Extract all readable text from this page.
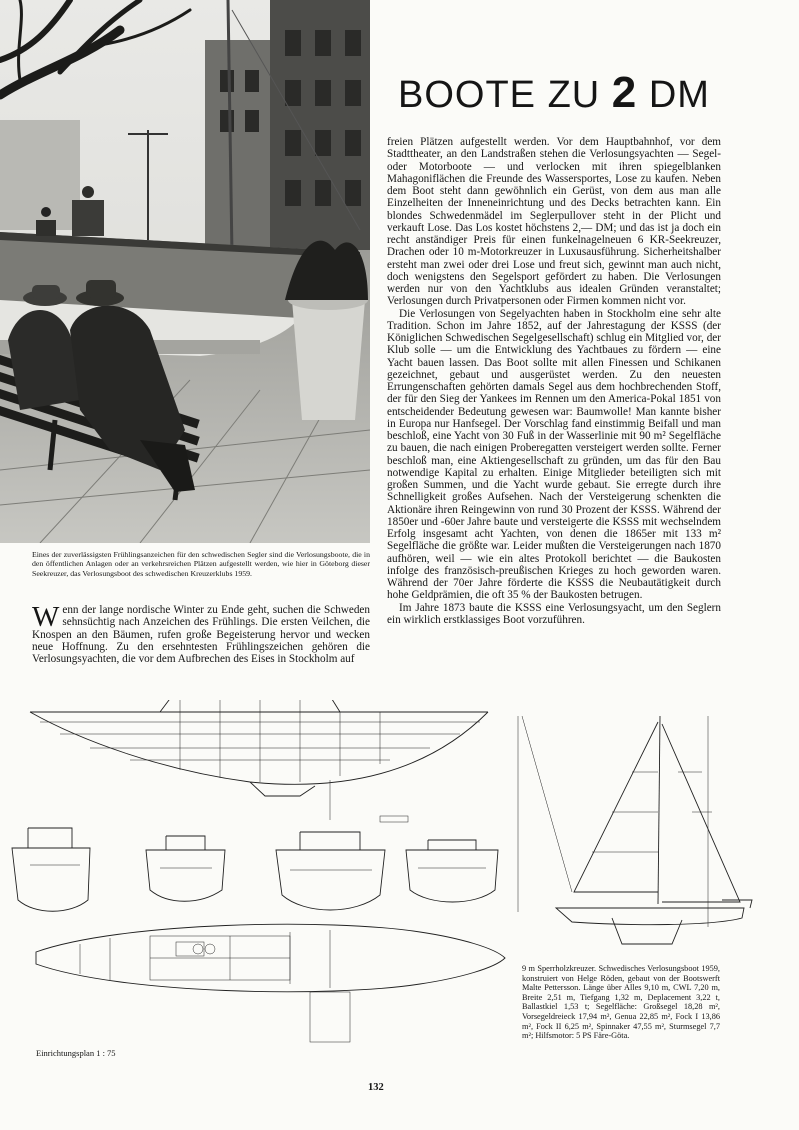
Eines der zuverlässigsten Frühlingsanzeichen für den schwedischen Segler sind die Verlosungsboote, die in den öffentlichen Anlagen oder an verkehrsreichen Plätzen aufgestellt werden, wie hier in Göteborg dieser Seekreuzer, das Verlosungsboot des schwedischen Kreuzerklubs 1959.
BOOTE ZU 2 DM

Wenn der lange nordische Winter zu Ende geht, suchen die Schweden sehnsüchtig nach Anzeichen des Frühlings. Die ersten Veilchen, die Knospen an den Bäumen, rufen große Begeisterung hervor und wecken neue Hoffnung. Zu den ersehntesten Frühlingszeichen gehören die Verlosungsyachten, die vor dem Aufbrechen des Eises in Stockholm auf

freien Plätzen aufgestellt werden. Vor dem Hauptbahnhof, vor dem Stadttheater, an den Landstraßen stehen die Verlosungsyachten — Segel- oder Motorboote — und verlocken mit ihren spiegelblanken Mahagoniflächen die Freunde des Wassersportes, Lose zu kaufen. Neben dem Boot steht dann gewöhnlich ein Gerüst, von dem aus man alle Einzelheiten der Inneneinrichtung und des Decks betrachten kann. Ein blondes Schwedenmädel im Seglerpullover steht in der Plicht und verkauft Lose. Das Los kostet höchstens 2,— DM; und das ist ja doch ein recht anständiger Preis für einen funkelnagelneuen 6 KR-Seekreuzer, Drachen oder 10 m-Motorkreuzer in Luxusausführung. Sicherheitshalber ersteht man zwei oder drei Lose und freut sich, gewinnt man auch nicht, doch wenigstens den Segelsport gefördert zu haben. Die Verlosungen werden nur von den Yachtklubs aus idealen Gründen veranstaltet; Verlosungen durch Privatpersonen oder Firmen kommen nicht vor.

Die Verlosungen von Segelyachten haben in Stockholm eine sehr alte Tradition. Schon im Jahre 1852, auf der Jahrestagung der KSSS (der Königlichen Schwedischen Segelgesellschaft) schlug ein Mitglied vor, der Klub solle — um die Entwicklung des Yachtbaues zu fördern — eine Yacht bauen lassen. Das Boot sollte mit allen Finessen und Schikanen gezeichnet, gebaut und ausgerüstet werden. Zu den neuesten Errungenschaften gehörten damals Segel aus dem hochbrechenden Stoff, der für den Sieg der Yankees im Rennen um den America-Pokal 1851 von entscheidender Bedeutung gewesen war: Baumwolle! Man kannte bisher in Europa nur Hanfsegel. Der Vorschlag fand einstimmig Beifall und man beschloß, eine Yacht von 30 Fuß in der Wasserlinie mit 90 m² Segelfläche zu bauen, die nach einigen Proberegatten versteigert werden sollte. Ferner beschloß man, eine Aktiengesellschaft zu gründen, um das für den Bau notwendige Kapital zu erhalten. Einige Mitglieder beteiligten sich mit großen Summen, und die Yacht wurde gebaut. Sie erregte durch ihre Schnelligkeit großes Aufsehen. Nach der Versteigerung schenkten die Aktionäre ihren Reingewinn von rund 30 Prozent der KSSS. Während der 1850er und -60er Jahre baute und versteigerte die KSSS mit wechselndem Erfolg insgesamt acht Yachten, von denen die 1865er mit 133 m² Segelfläche die größte war. Leider mußten die Versteigerungen nach 1870 aufhören, weil — wie ein altes Protokoll berichtet — die Baukosten infolge des französisch-preußischen Krieges zu hoch geworden waren. Während der 70er Jahre förderte die KSSS die Neubautätigkeit durch hohe Geldprämien, die oft 35 % der Baukosten betrugen.

Im Jahre 1873 baute die KSSS eine Verlosungsyacht, um den Seglern ein wirklich erstklassiges Boot vorzuführen.

Einrichtungsplan 1 : 75
9 m Sperrholzkreuzer. Schwedisches Verlosungsboot 1959, konstruiert von Helge Röden, gebaut von der Bootswerft Malte Pettersson. Länge über Alles 9,10 m, CWL 7,20 m, Breite 2,51 m, Tiefgang 1,32 m, Deplacement 3,22 t, Ballastkiel 1,53 t; Segelfläche: Großsegel 18,28 m², Vorsegeldreieck 17,94 m², Genua 22,85 m², Fock I 13,86 m², Fock II 6,25 m², Spinnaker 47,55 m², Sturmsegel 7,7 m²; Hilfsmotor: 5 PS Färe-Göta.
132
